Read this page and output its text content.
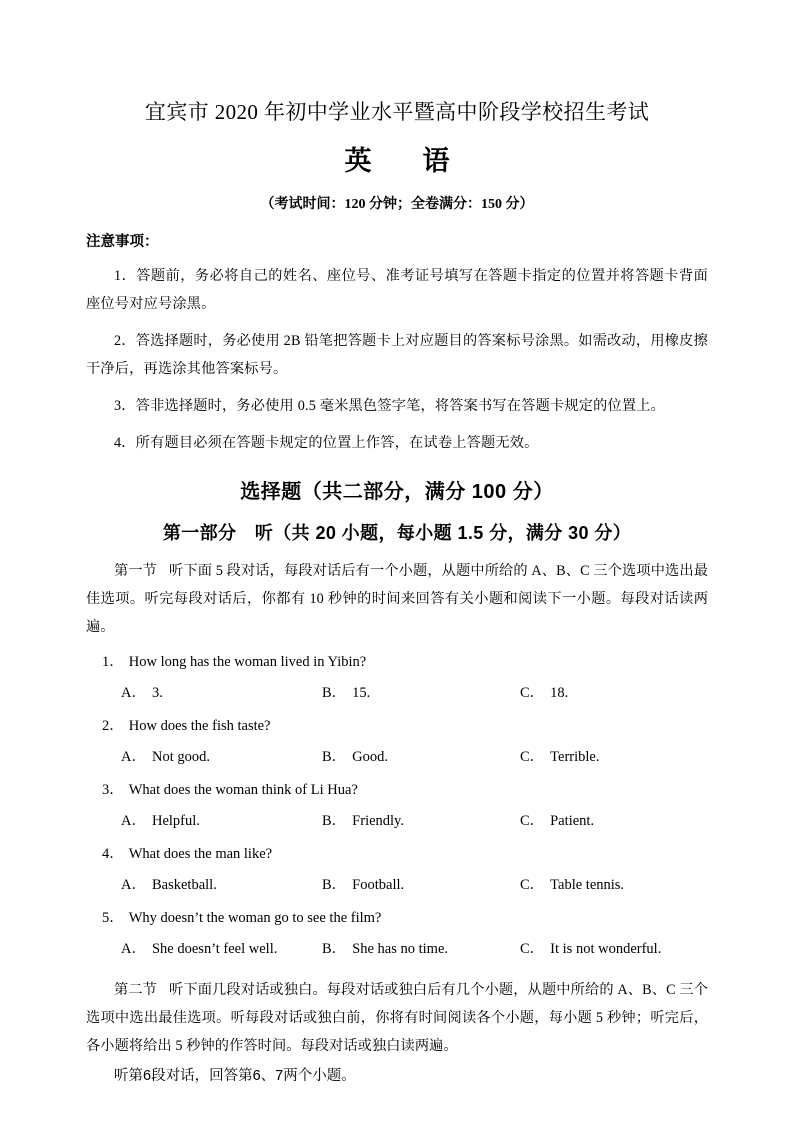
宜宾市 2020 年初中学业水平暨高中阶段学校招生考试
英　语
（考试时间：120 分钟；全卷满分：150 分）
注意事项：
1．答题前，务必将自己的姓名、座位号、准考证号填写在答题卡指定的位置并将答题卡背面座位号对应号涂黑。
2．答选择题时，务必使用 2B 铅笔把答题卡上对应题目的答案标号涂黑。如需改动，用橡皮擦干净后，再选涂其他答案标号。
3．答非选择题时，务必使用 0.5 毫米黑色签字笔，将答案书写在答题卡规定的位置上。
4．所有题目必须在答题卡规定的位置上作答，在试卷上答题无效。
选择题（共二部分，满分 100 分）
第一部分　听（共 20 小题，每小题 1.5 分，满分 30 分）
第一节 听下面 5 段对话，每段对话后有一个小题，从题中所给的 A、B、C 三个选项中选出最佳选项。听完每段对话后，你都有 10 秒钟的时间来回答有关小题和阅读下一小题。每段对话读两遍。
1． How long has the woman lived in Yibin?
A． 3.	B． 15.	C． 18.
2． How does the fish taste?
A． Not good.	B． Good.	C． Terrible.
3． What does the woman think of Li Hua?
A． Helpful.	B． Friendly.	C． Patient.
4． What does the man like?
A． Basketball.	B． Football.	C． Table tennis.
5． Why doesn’t the woman go to see the film?
A． She doesn’t feel well.	B． She has no time.	C． It is not wonderful.
第二节 听下面几段对话或独白。每段对话或独白后有几个小题，从题中所给的 A、B、C 三个选项中选出最佳选项。听每段对话或独白前，你将有时间阅读各个小题，每小题 5 秒钟；听完后，各小题将给出 5 秒钟的作答时间。每段对话或独白读两遍。
听第6段对话，回答第6、7两个小题。
